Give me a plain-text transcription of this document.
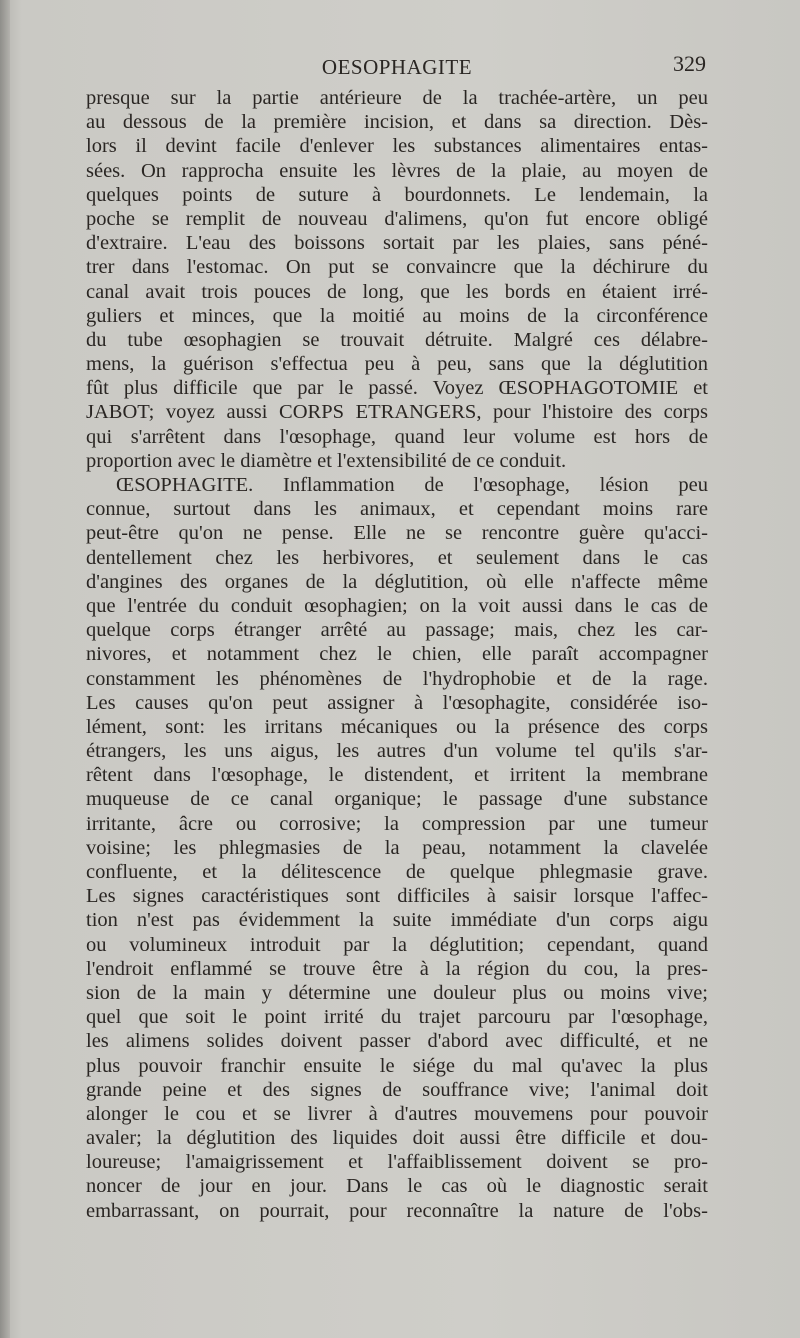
OESOPHAGITE	329
presque sur la partie antérieure de la trachée-artère, un peu
au dessous de la première incision, et dans sa direction. Dès-
lors il devint facile d'enlever les substances alimentaires entas-
sées. On rapprocha ensuite les lèvres de la plaie, au moyen de
quelques points de suture à bourdonnets. Le lendemain, la
poche se remplit de nouveau d'alimens, qu'on fut encore obligé
d'extraire. L'eau des boissons sortait par les plaies, sans péné-
trer dans l'estomac. On put se convaincre que la déchirure du
canal avait trois pouces de long, que les bords en étaient irré-
guliers et minces, que la moitié au moins de la circonférence
du tube œsophagien se trouvait détruite. Malgré ces délabre-
mens, la guérison s'effectua peu à peu, sans que la déglutition
fût plus difficile que par le passé. Voyez ŒSOPHAGOTOMIE et
JABOT; voyez aussi CORPS ETRANGERS, pour l'histoire des corps
qui s'arrêtent dans l'œsophage, quand leur volume est hors de
proportion avec le diamètre et l'extensibilité de ce conduit.
ŒSOPHAGITE. Inflammation de l'œsophage, lésion peu
connue, surtout dans les animaux, et cependant moins rare
peut-être qu'on ne pense. Elle ne se rencontre guère qu'acci-
dentellement chez les herbivores, et seulement dans le cas
d'angines des organes de la déglutition, où elle n'affecte même
que l'entrée du conduit œsophagien; on la voit aussi dans le cas de
quelque corps étranger arrêté au passage; mais, chez les car-
nivores, et notamment chez le chien, elle paraît accompagner
constamment les phénomènes de l'hydrophobie et de la rage.
Les causes qu'on peut assigner à l'œsophagite, considérée iso-
lément, sont: les irritans mécaniques ou la présence des corps
étrangers, les uns aigus, les autres d'un volume tel qu'ils s'ar-
rêtent dans l'œsophage, le distendent, et irritent la membrane
muqueuse de ce canal organique; le passage d'une substance
irritante, âcre ou corrosive; la compression par une tumeur
voisine; les phlegmasies de la peau, notamment la clavelée
confluente, et la délitescence de quelque phlegmasie grave.
Les signes caractéristiques sont difficiles à saisir lorsque l'affec-
tion n'est pas évidemment la suite immédiate d'un corps aigu
ou volumineux introduit par la déglutition; cependant, quand
l'endroit enflammé se trouve être à la région du cou, la pres-
sion de la main y détermine une douleur plus ou moins vive;
quel que soit le point irrité du trajet parcouru par l'œsophage,
les alimens solides doivent passer d'abord avec difficulté, et ne
plus pouvoir franchir ensuite le siége du mal qu'avec la plus
grande peine et des signes de souffrance vive; l'animal doit
alonger le cou et se livrer à d'autres mouvemens pour pouvoir
avaler; la déglutition des liquides doit aussi être difficile et dou-
loureuse; l'amaigrissement et l'affaiblissement doivent se pro-
noncer de jour en jour. Dans le cas où le diagnostic serait
embarrassant, on pourrait, pour reconnaître la nature de l'obs-
